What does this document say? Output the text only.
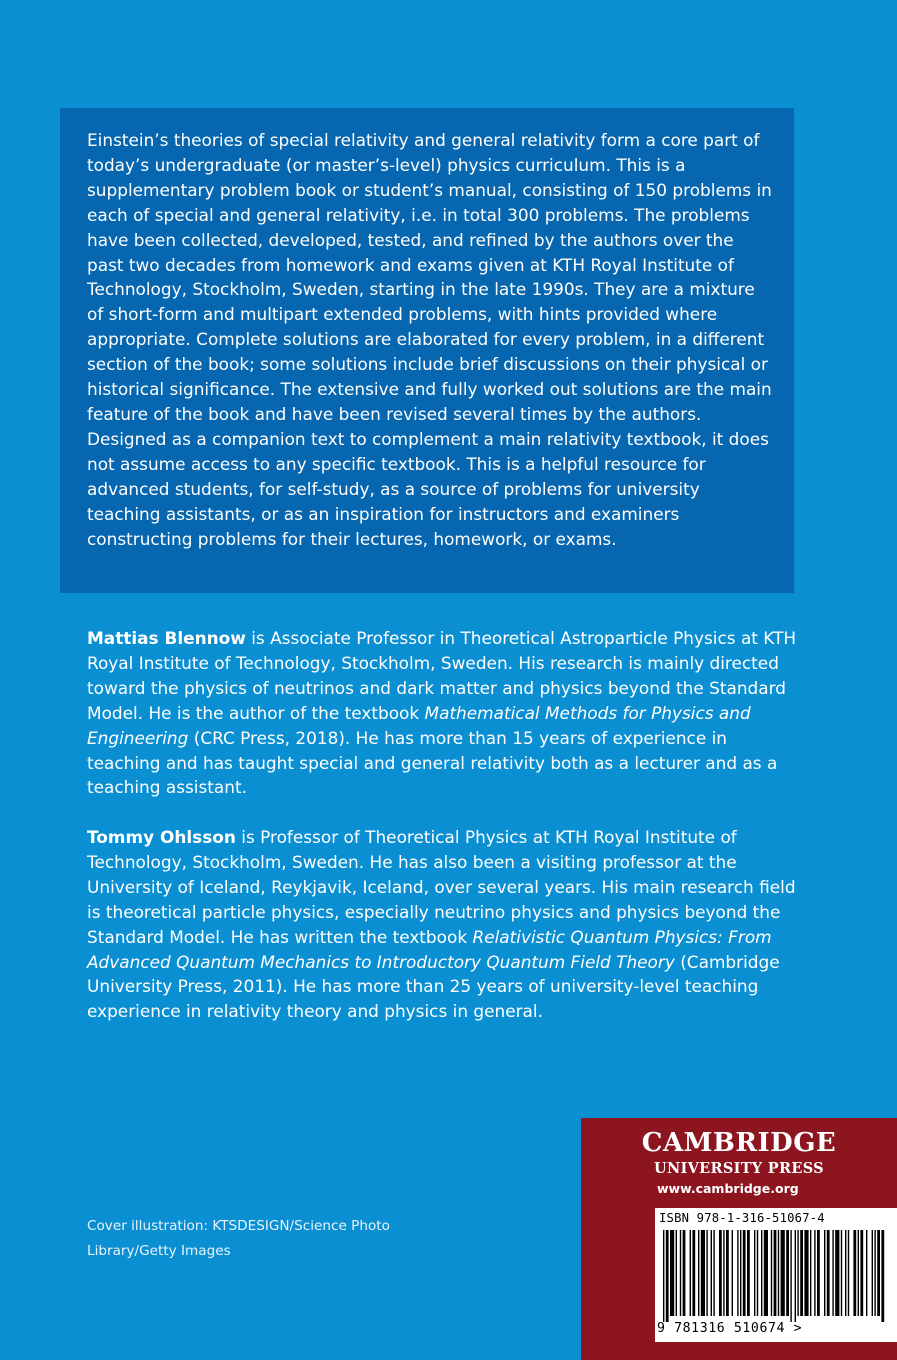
Einstein’s theories of special relativity and general relativity form a core part of today’s undergraduate (or master’s-level) physics curriculum. This is a supplementary problem book or student’s manual, consisting of 150 problems in each of special and general relativity, i.e. in total 300 problems. The problems have been collected, developed, tested, and refined by the authors over the past two decades from homework and exams given at KTH Royal Institute of Technology, Stockholm, Sweden, starting in the late 1990s. They are a mixture of short-form and multipart extended problems, with hints provided where appropriate. Complete solutions are elaborated for every problem, in a different section of the book; some solutions include brief discussions on their physical or historical significance. The extensive and fully worked out solutions are the main feature of the book and have been revised several times by the authors. Designed as a companion text to complement a main relativity textbook, it does not assume access to any specific textbook. This is a helpful resource for advanced students, for self-study, as a source of problems for university teaching assistants, or as an inspiration for instructors and examiners constructing problems for their lectures, homework, or exams.

Mattias Blennow is Associate Professor in Theoretical Astroparticle Physics at KTH Royal Institute of Technology, Stockholm, Sweden. His research is mainly directed toward the physics of neutrinos and dark matter and physics beyond the Standard Model. He is the author of the textbook Mathematical Methods for Physics and Engineering (CRC Press, 2018). He has more than 15 years of experience in teaching and has taught special and general relativity both as a lecturer and as a teaching assistant.

Tommy Ohlsson is Professor of Theoretical Physics at KTH Royal Institute of Technology, Stockholm, Sweden. He has also been a visiting professor at the University of Iceland, Reykjavik, Iceland, over several years. His main research field is theoretical particle physics, especially neutrino physics and physics beyond the Standard Model. He has written the textbook Relativistic Quantum Physics: From Advanced Quantum Mechanics to Introductory Quantum Field Theory (Cambridge University Press, 2011). He has more than 25 years of university-level teaching experience in relativity theory and physics in general.

Cover illustration: KTSDESIGN/Science Photo Library/Getty Images

CAMBRIDGE
UNIVERSITY PRESS
www.cambridge.org
ISBN 978-1-316-51067-4
9 781316 510674 >
